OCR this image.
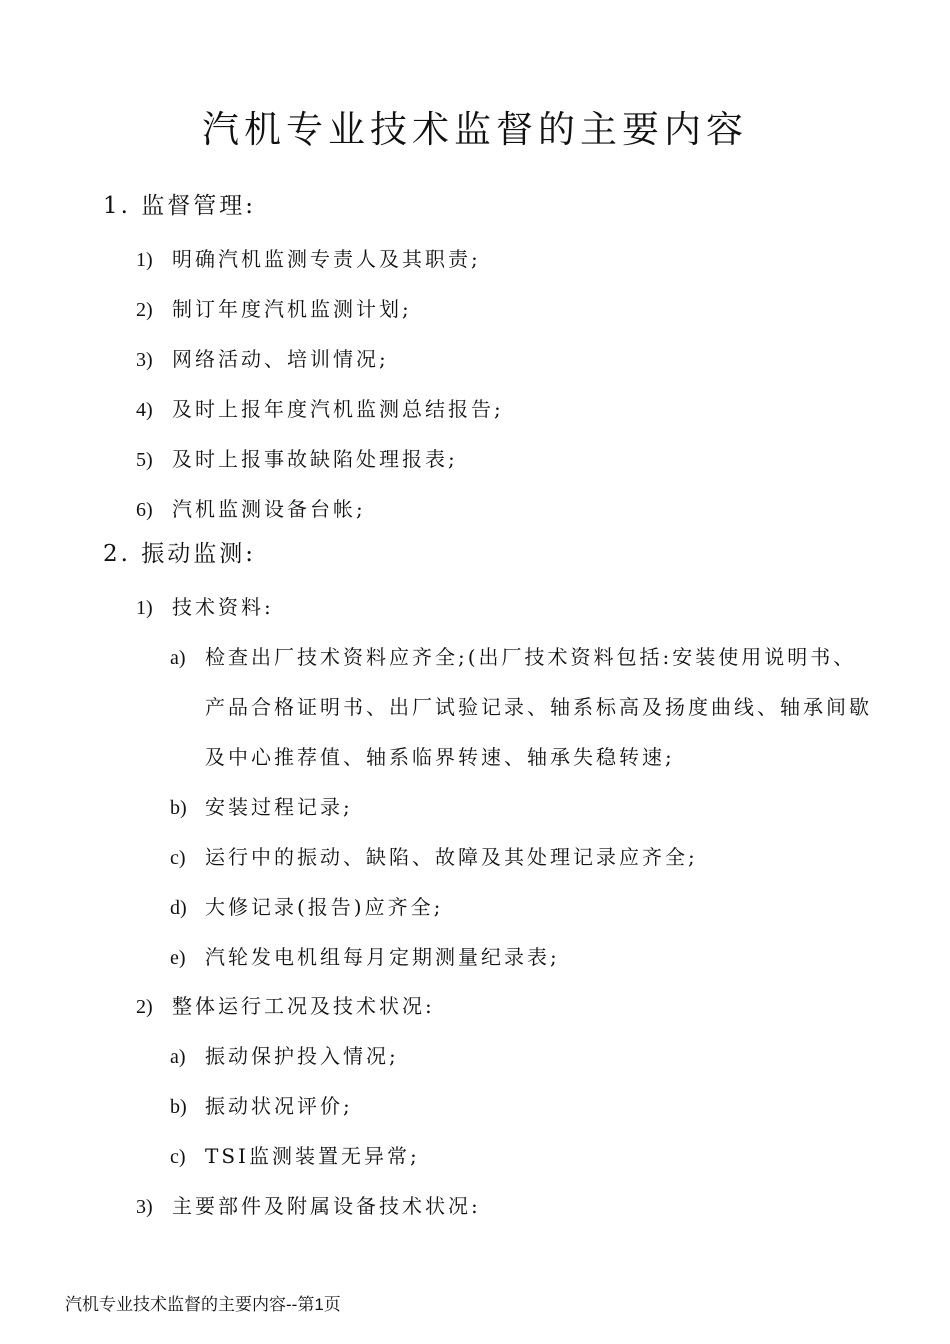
汽机专业技术监督的主要内容
1. 监督管理:
1) 明确汽机监测专责人及其职责;
2) 制订年度汽机监测计划;
3) 网络活动、培训情况;
4) 及时上报年度汽机监测总结报告;
5) 及时上报事故缺陷处理报表;
6) 汽机监测设备台帐;
2. 振动监测:
1) 技术资料:
a) 检查出厂技术资料应齐全;(出厂技术资料包括:安装使用说明书、
产品合格证明书、出厂试验记录、轴系标高及扬度曲线、轴承间歇
及中心推荐值、轴系临界转速、轴承失稳转速;
b) 安装过程记录;
c) 运行中的振动、缺陷、故障及其处理记录应齐全;
d) 大修记录(报告)应齐全;
e) 汽轮发电机组每月定期测量纪录表;
2) 整体运行工况及技术状况:
a) 振动保护投入情况;
b) 振动状况评价;
c) TSI监测装置无异常;
3) 主要部件及附属设备技术状况:
汽机专业技术监督的主要内容--第1页
